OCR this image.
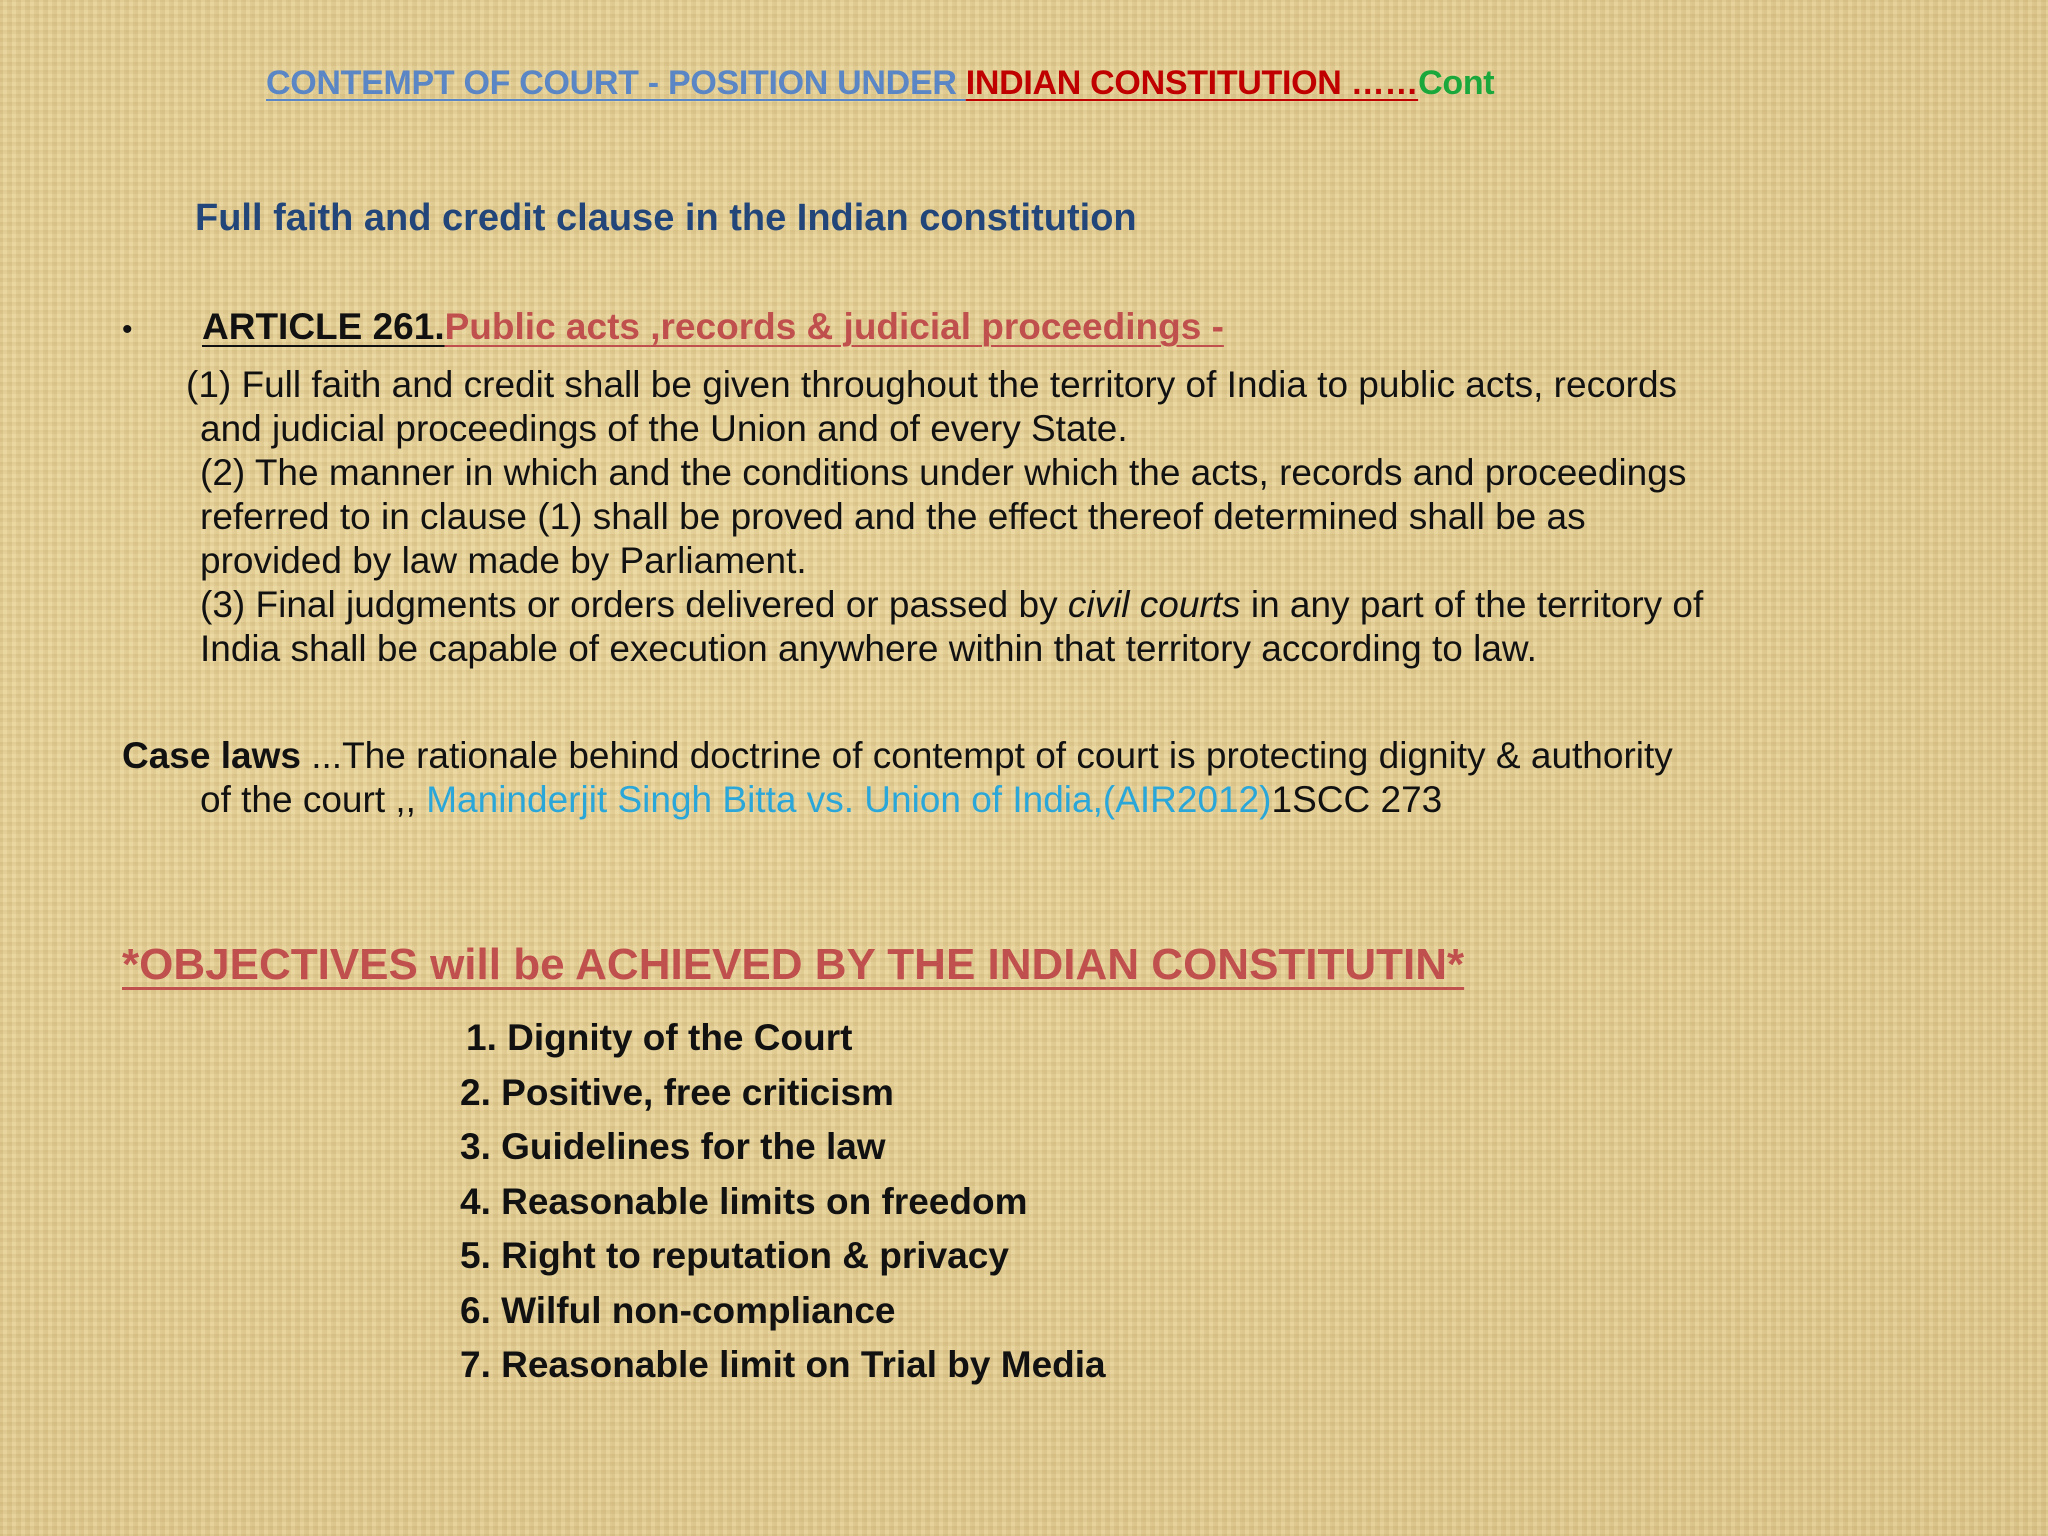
CONTEMPT OF COURT - POSITION UNDER INDIAN CONSTITUTION ……Cont
Full faith and credit clause in the Indian constitution
• ARTICLE 261.Public acts ,records & judicial proceedings -
(1) Full faith and credit shall be given throughout the territory of India to public acts, records
and judicial proceedings of the Union and of every State.
(2) The manner in which and the conditions under which the acts, records and proceedings
referred to in clause (1) shall be proved and the effect thereof determined shall be as
provided by law made by Parliament.
(3) Final judgments or orders delivered or passed by civil courts in any part of the territory of
India shall be capable of execution anywhere within that territory according to law.
Case laws ...The rationale behind doctrine of contempt of court is protecting dignity & authority
of the court ,, Maninderjit Singh Bitta vs. Union of India,(AIR2012)1SCC 273
*OBJECTIVES will be ACHIEVED BY THE INDIAN CONSTITUTIN*
1. Dignity of the Court
2. Positive, free criticism
3. Guidelines for the law
4. Reasonable limits on freedom
5. Right to reputation & privacy
6. Wilful non-compliance
7. Reasonable limit on Trial by Media
